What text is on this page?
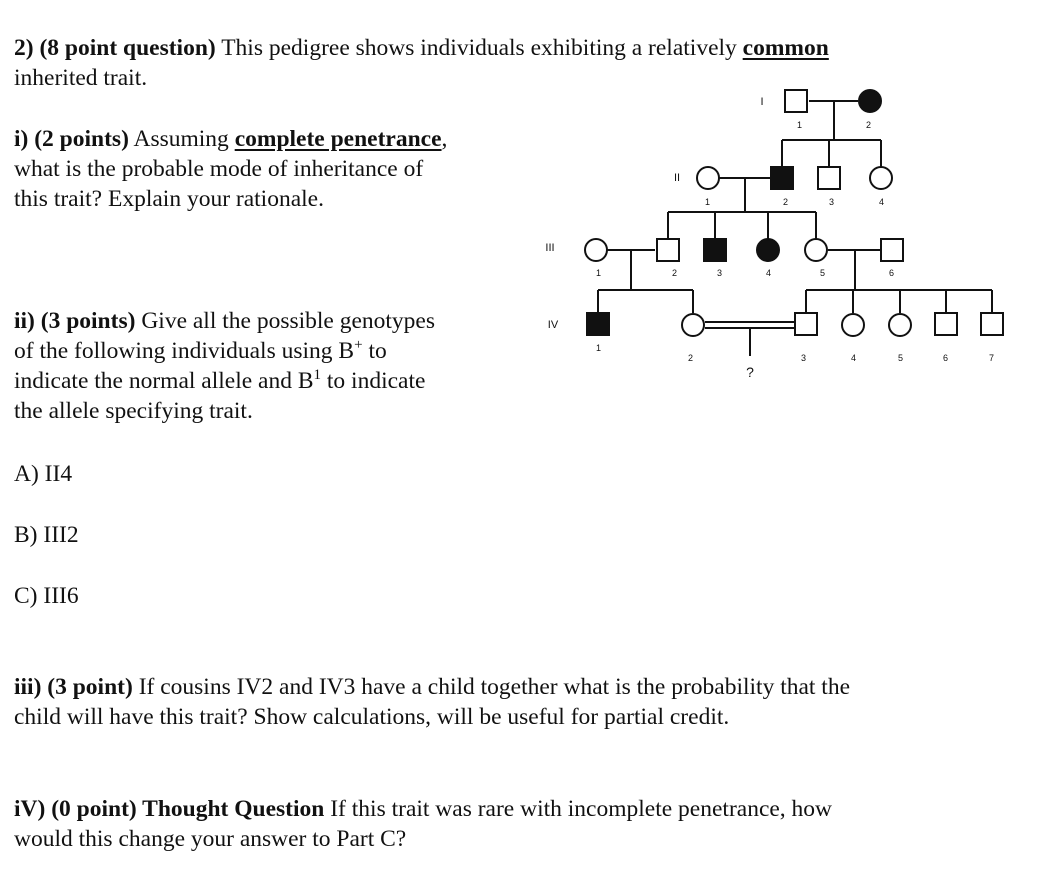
2) (8 point question) This pedigree shows individuals exhibiting a relatively common
inherited trait.
i) (2 points) Assuming complete penetrance,
what is the probable mode of inheritance of
this trait? Explain your rationale.
ii) (3 points) Give all the possible genotypes
of the following individuals using B+ to
indicate the normal allele and $B^1$ to indicate
the allele specifying trait.
A) II4
B) III2
C) III6
iii) (3 point) If cousins IV2 and IV3 have a child together what is the probability that the
child will have this trait? Show calculations, will be useful for partial credit.
iV) (0 point) Thought Question If this trait was rare with incomplete penetrance, how
would this change your answer to Part C?
I
II
III
IV
1	2
1	2	3	4
1	2	3	4	5	6
1
2	3	4	5	6	7
?
